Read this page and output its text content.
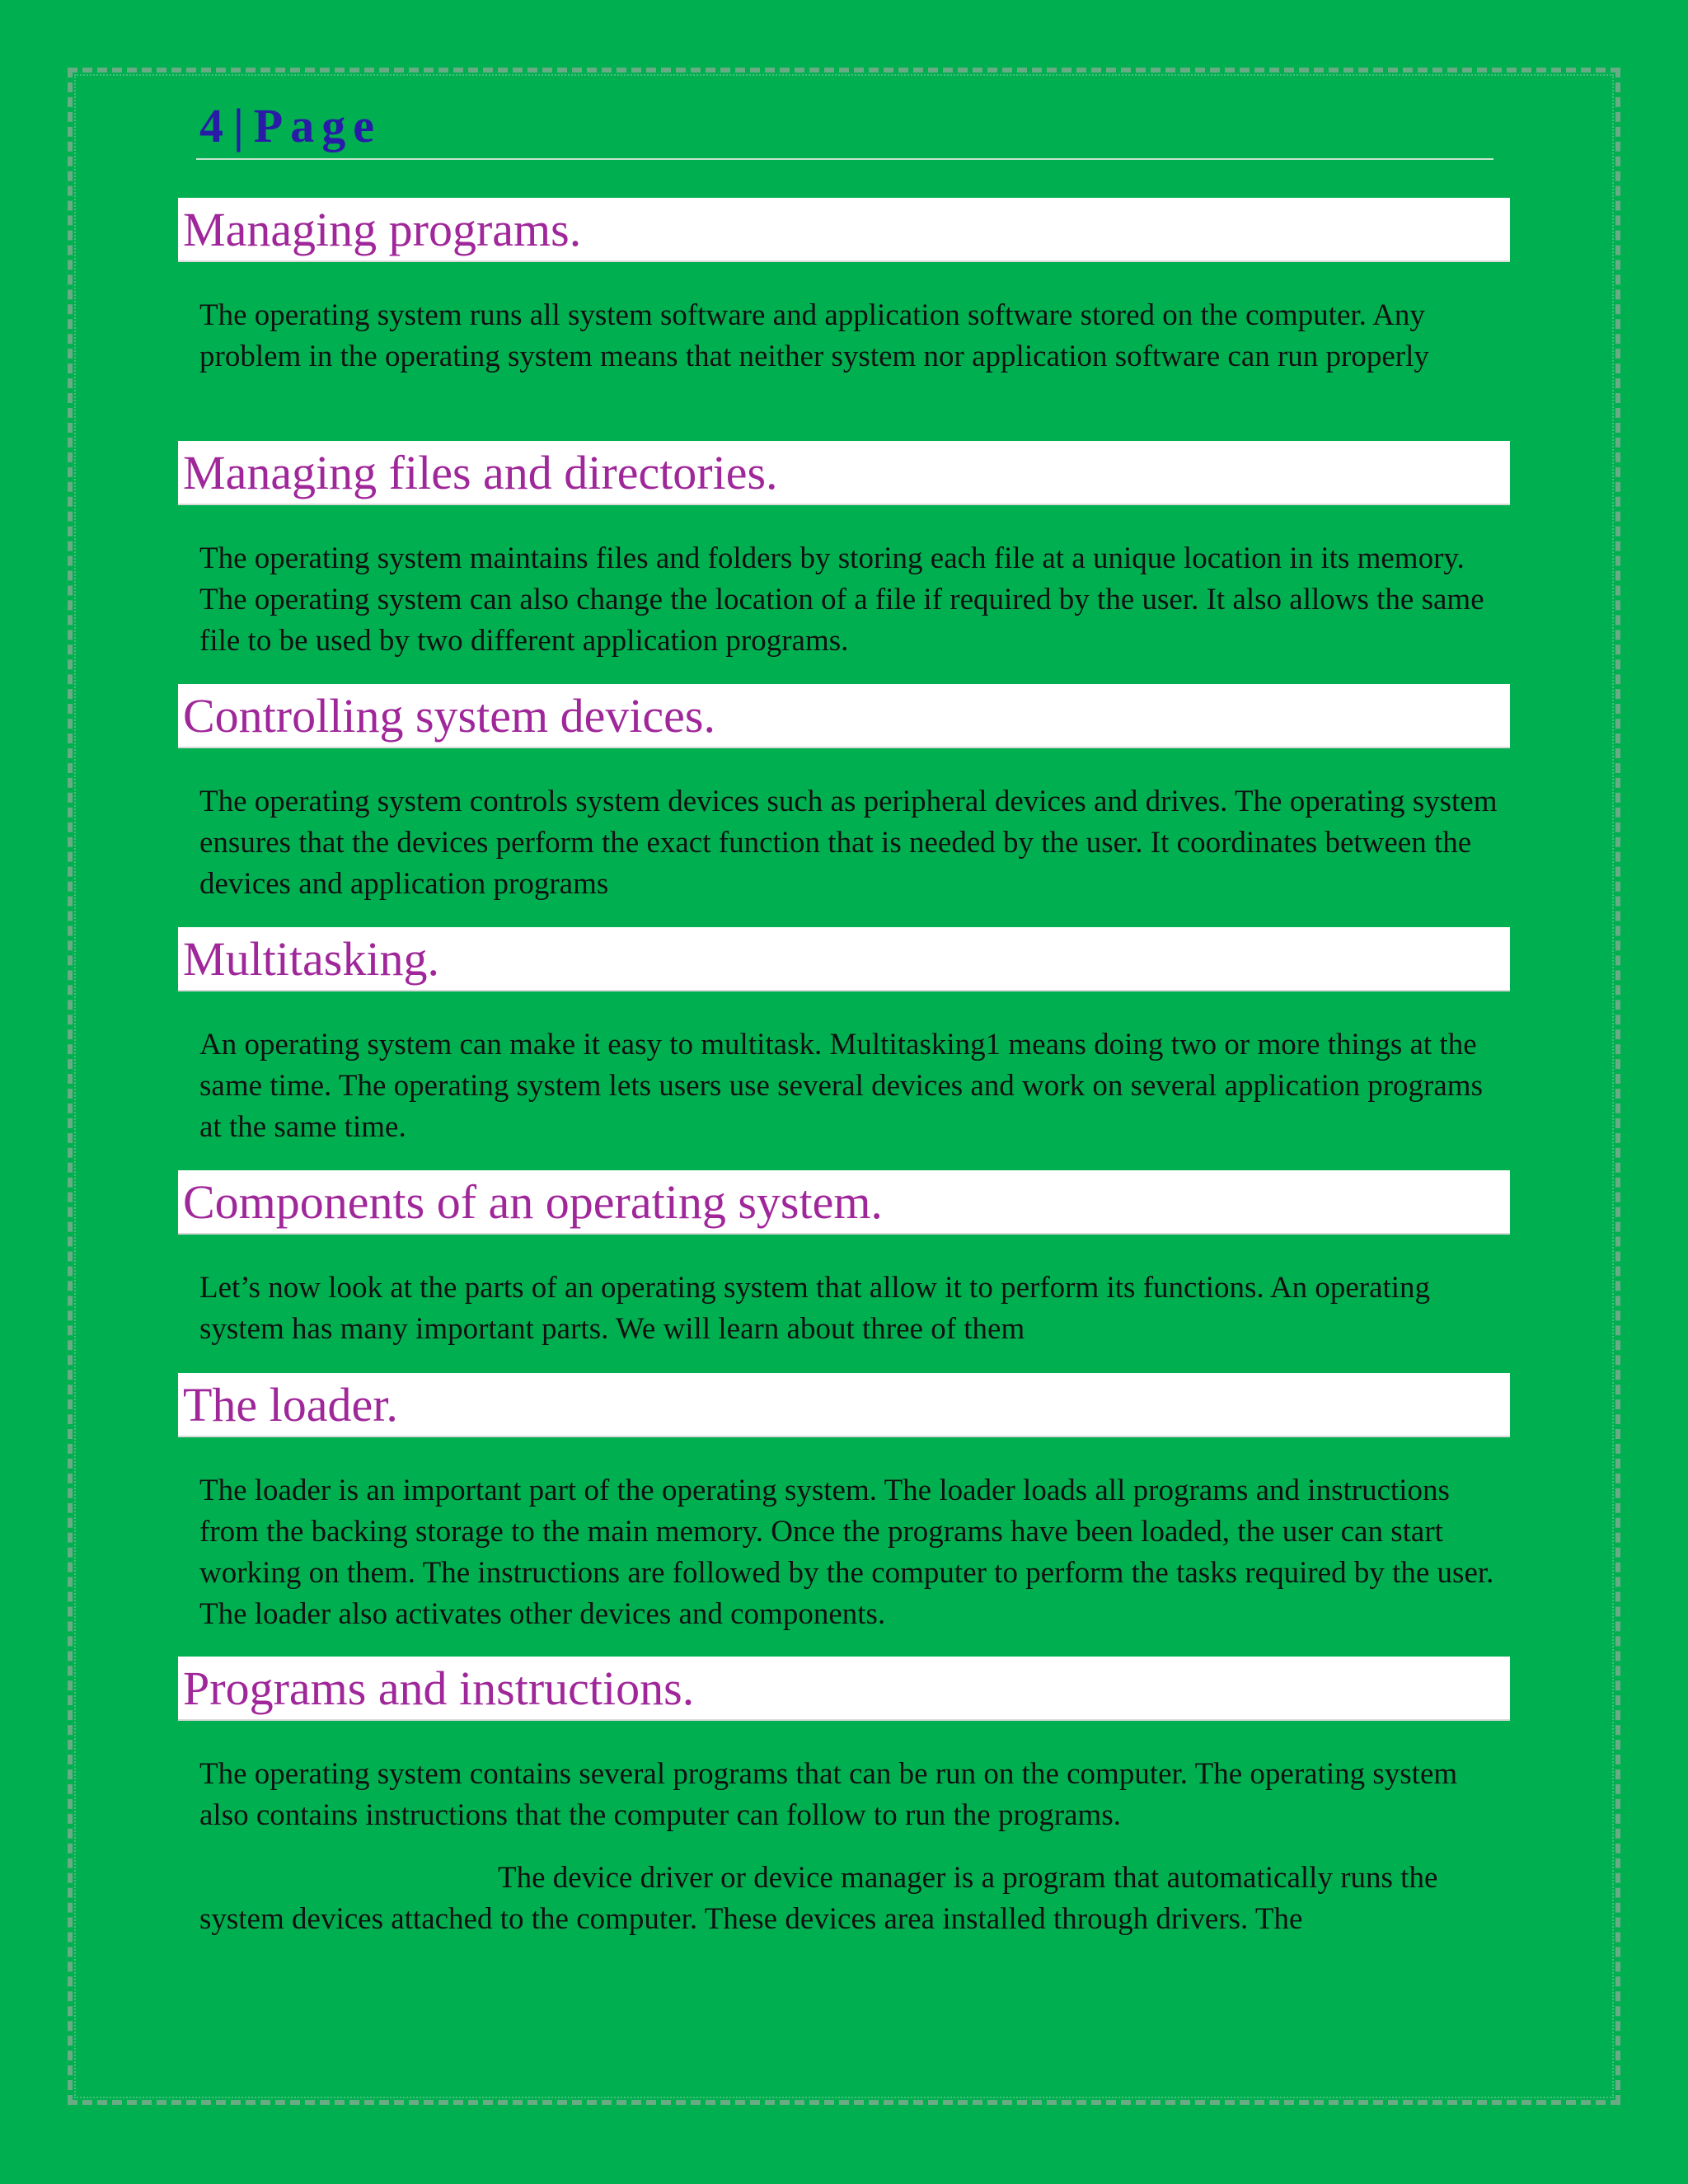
4 | Page
Managing programs.

The operating system runs all system software and application software stored on the computer. Any problem in the operating system means that neither system nor application software can run properly

Managing files and directories.

The operating system maintains files and folders by storing each file at a unique location in its memory. The operating system can also change the location of a file if required by the user. It also allows the same file to be used by two different application programs.

Controlling system devices.

The operating system controls system devices such as peripheral devices and drives. The operating system ensures that the devices perform the exact function that is needed by the user. It coordinates between the devices and application programs

Multitasking.

An operating system can make it easy to multitask. Multitasking1 means doing two or more things at the same time. The operating system lets users use several devices and work on several application programs at the same time.

Components of an operating system.

Let’s now look at the parts of an operating system that allow it to perform its functions. An operating system has many important parts. We will learn about three of them

The loader.

The loader is an important part of the operating system. The loader loads all programs and instructions from the backing storage to the main memory. Once the programs have been loaded, the user can start working on them. The instructions are followed by the computer to perform the tasks required by the user. The loader also activates other devices and components.

Programs and instructions.

The operating system contains several programs that can be run on the computer. The operating system also contains instructions that the computer can follow to run the programs.

The device driver or device manager is a program that automatically runs the system devices attached to the computer. These devices area installed through drivers. The
